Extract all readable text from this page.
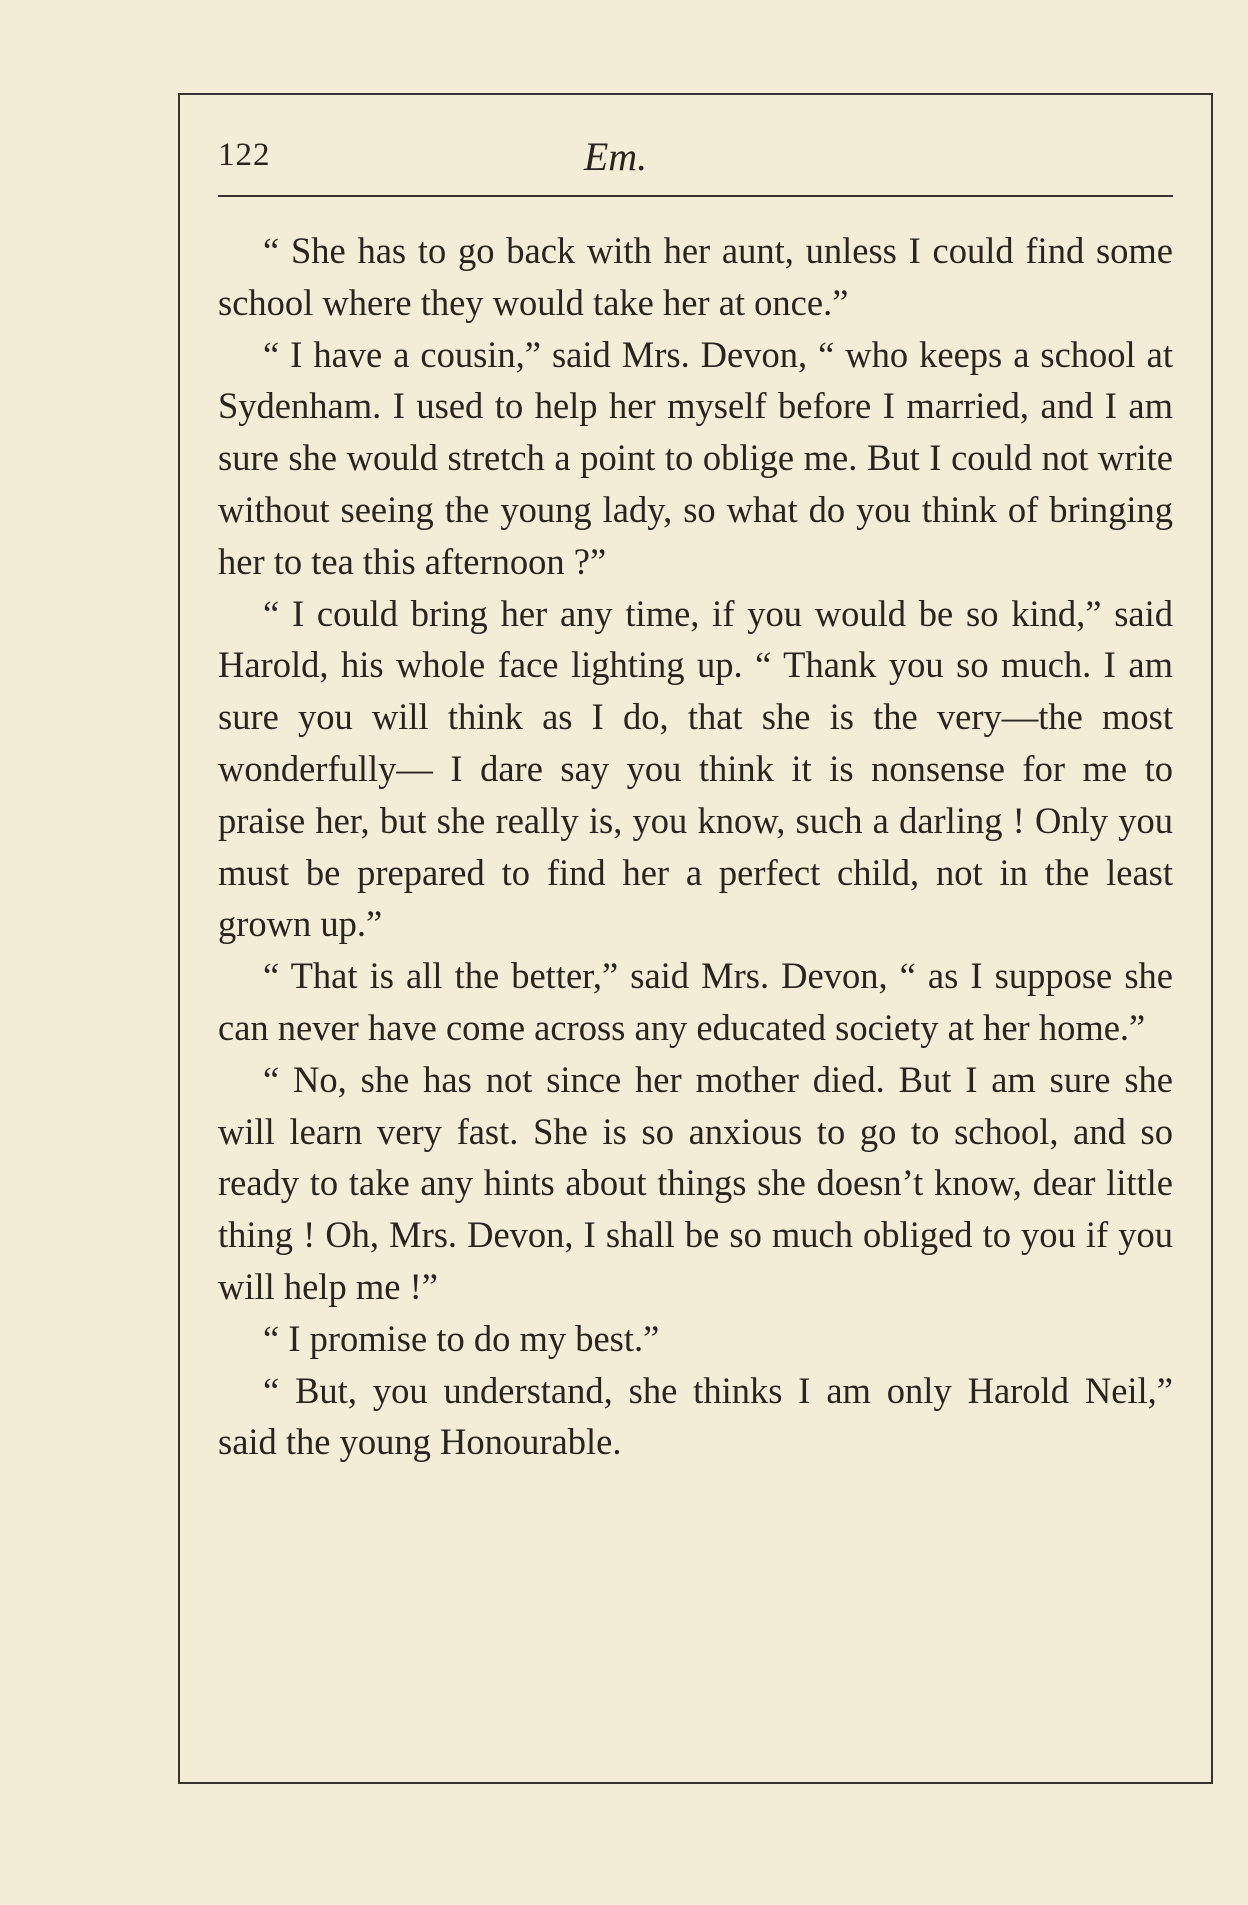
122	Em.

“ She has to go back with her aunt, unless I could find some school where they would take her at once.”

“ I have a cousin,” said Mrs. Devon, “ who keeps a school at Sydenham. I used to help her myself before I married, and I am sure she would stretch a point to oblige me. But I could not write without seeing the young lady, so what do you think of bringing her to tea this afternoon ?”

“ I could bring her any time, if you would be so kind,” said Harold, his whole face lighting up. “ Thank you so much. I am sure you will think as I do, that she is the very—the most wonderfully— I dare say you think it is nonsense for me to praise her, but she really is, you know, such a darling ! Only you must be prepared to find her a perfect child, not in the least grown up.”

“ That is all the better,” said Mrs. Devon, “ as I suppose she can never have come across any educated society at her home.”

“ No, she has not since her mother died. But I am sure she will learn very fast. She is so anxious to go to school, and so ready to take any hints about things she doesn’t know, dear little thing ! Oh, Mrs. Devon, I shall be so much obliged to you if you will help me !”

“ I promise to do my best.”

“ But, you understand, she thinks I am only Harold Neil,” said the young Honourable.
